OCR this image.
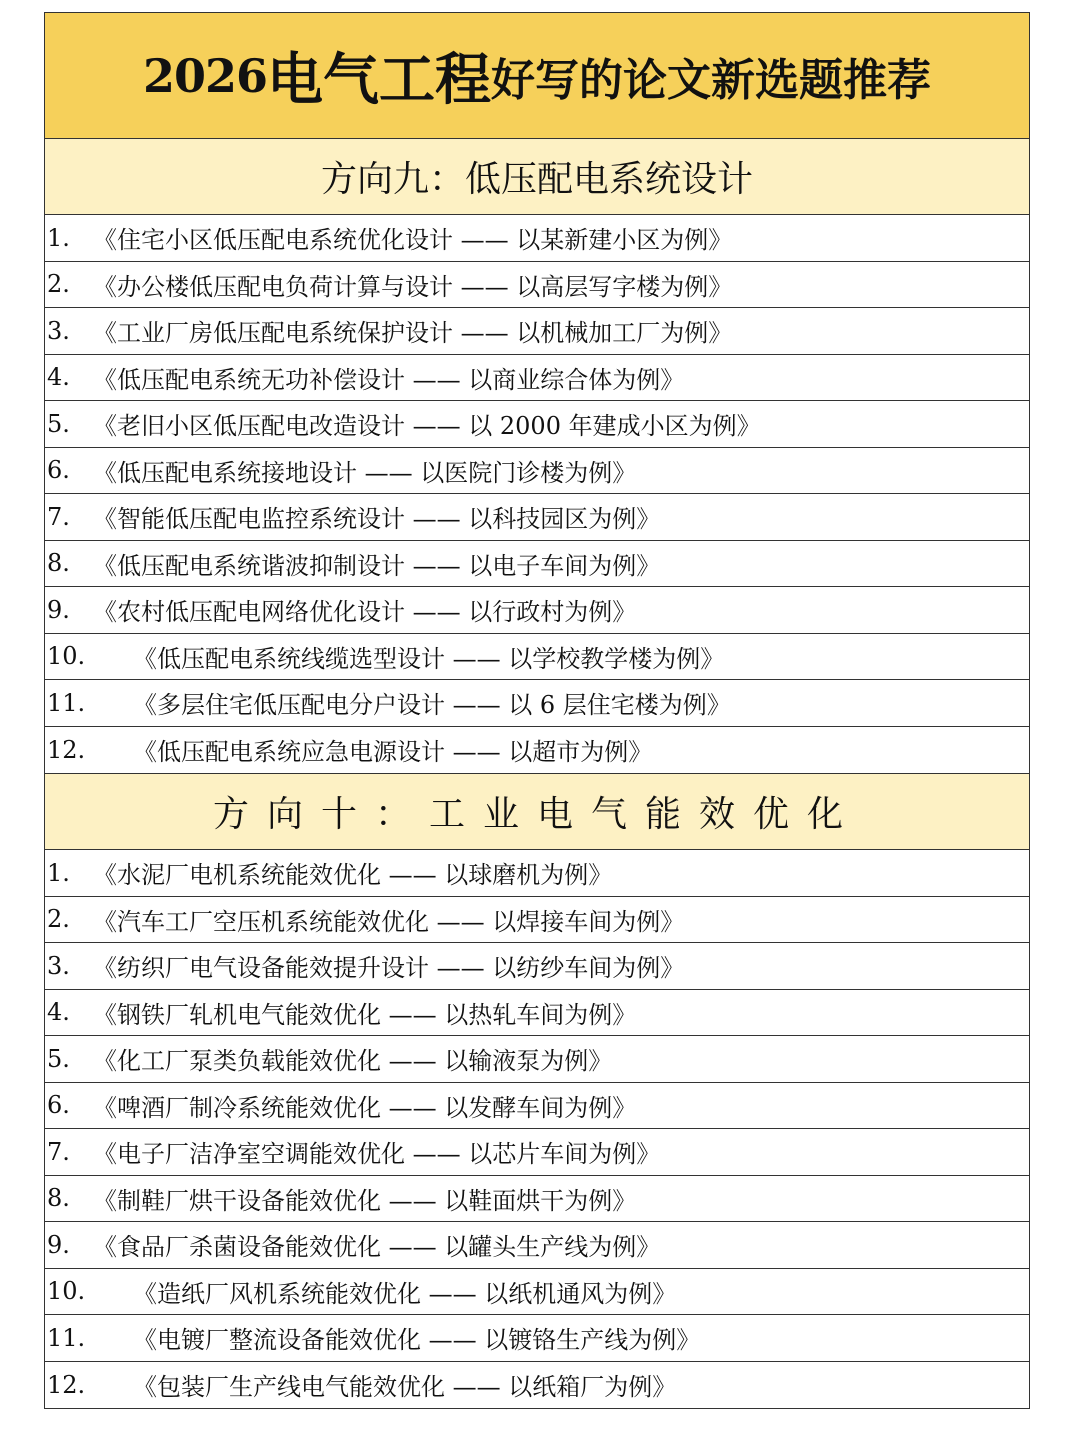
2026 电气工程 好写的论文新选题推荐
方向九：低压配电系统设计
1. 《住宅小区低压配电系统优化设计 —— 以某新建小区为例》
2. 《办公楼低压配电负荷计算与设计 —— 以高层写字楼为例》
3. 《工业厂房低压配电系统保护设计 —— 以机械加工厂为例》
4. 《低压配电系统无功补偿设计 —— 以商业综合体为例》
5. 《老旧小区低压配电改造设计 —— 以 2000 年建成小区为例》
6. 《低压配电系统接地设计 —— 以医院门诊楼为例》
7. 《智能低压配电监控系统设计 —— 以科技园区为例》
8. 《低压配电系统谐波抑制设计 —— 以电子车间为例》
9. 《农村低压配电网络优化设计 —— 以行政村为例》
10.	《低压配电系统线缆选型设计 —— 以学校教学楼为例》
11.	《多层住宅低压配电分户设计 —— 以 6 层住宅楼为例》
12.	《低压配电系统应急电源设计 —— 以超市为例》
方向十：工业电气能效优化
1. 《水泥厂电机系统能效优化 —— 以球磨机为例》
2. 《汽车工厂空压机系统能效优化 —— 以焊接车间为例》
3. 《纺织厂电气设备能效提升设计 —— 以纺纱车间为例》
4. 《钢铁厂轧机电气能效优化 —— 以热轧车间为例》
5. 《化工厂泵类负载能效优化 —— 以输液泵为例》
6. 《啤酒厂制冷系统能效优化 —— 以发酵车间为例》
7. 《电子厂洁净室空调能效优化 —— 以芯片车间为例》
8. 《制鞋厂烘干设备能效优化 —— 以鞋面烘干为例》
9. 《食品厂杀菌设备能效优化 —— 以罐头生产线为例》
10.	《造纸厂风机系统能效优化 —— 以纸机通风为例》
11.	《电镀厂整流设备能效优化 —— 以镀铬生产线为例》
12.	《包装厂生产线电气能效优化 —— 以纸箱厂为例》
